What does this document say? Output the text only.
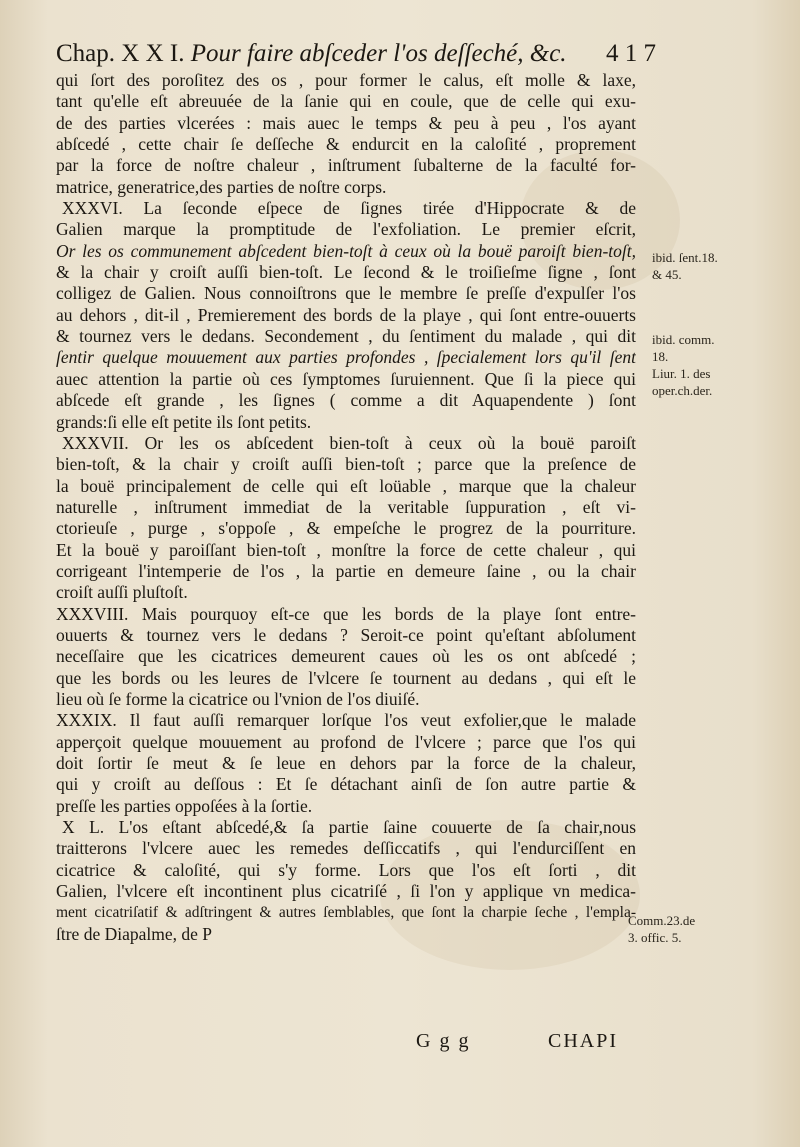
Chap. X X I. Pour faire abſceder l'os deſſeché, &c. 4 1 7
qui ſort des poroſitez des os , pour former le calus, eſt molle & laxe,
tant qu'elle eſt abreuuée de la ſanie qui en coule, que de celle qui exu-
de des parties vlcerées : mais auec le temps & peu à peu , l'os ayant
abſcedé , cette chair ſe deſſeche & endurcit en la caloſité , proprement
par la force de noſtre chaleur , inſtrument ſubalterne de la faculté for-
matrice, generatrice,des parties de noſtre corps.
XXXVI. La ſeconde eſpece de ſignes tirée d'Hippocrate & de
Galien marque la promptitude de l'exfoliation. Le premier eſcrit,
Or les os communement abſcedent bien-toſt à ceux où la bouë paroiſt bien-toſt,
& la chair y croiſt auſſi bien-toſt. Le ſecond & le troiſieſme ſigne , ſont
colligez de Galien. Nous connoiſtrons que le membre ſe preſſe d'expulſer l'os
au dehors , dit-il , Premierement des bords de la playe , qui ſont entre-ouuerts
& tournez vers le dedans. Secondement , du ſentiment du malade , qui dit
ſentir quelque mouuement aux parties profondes , ſpecialement lors qu'il ſent
auec attention la partie où ces ſymptomes ſuruiennent. Que ſi la piece qui
abſcede eſt grande , les ſignes ( comme a dit Aquapendente ) ſont
grands:ſi elle eſt petite ils ſont petits.
XXXVII. Or les os abſcedent bien-toſt à ceux où la bouë paroiſt
bien-toſt, & la chair y croiſt auſſi bien-toſt ; parce que la preſence de
la bouë principalement de celle qui eſt loüable , marque que la chaleur
naturelle , inſtrument immediat de la veritable ſuppuration , eſt vi-
ctorieuſe , purge , s'oppoſe , & empeſche le progrez de la pourriture.
Et la bouë y paroiſſant bien-toſt , monſtre la force de cette chaleur , qui
corrigeant l'intemperie de l'os , la partie en demeure ſaine , ou la chair
croiſt auſſi pluſtoſt.
XXXVIII. Mais pourquoy eſt-ce que les bords de la playe ſont entre-
ouuerts & tournez vers le dedans ? Seroit-ce point qu'eſtant abſolument
neceſſaire que les cicatrices demeurent caues où les os ont abſcedé ;
que les bords ou les leures de l'vlcere ſe tournent au dedans , qui eſt le
lieu où ſe forme la cicatrice ou l'vnion de l'os diuiſé.
XXXIX. Il faut auſſi remarquer lorſque l'os veut exfolier,que le malade
apperçoit quelque mouuement au profond de l'vlcere ; parce que l'os qui
doit ſortir ſe meut & ſe leue en dehors par la force de la chaleur,
qui y croiſt au deſſous : Et ſe détachant ainſi de ſon autre partie &
preſſe les parties oppoſées à la ſortie.
X L. L'os eſtant abſcedé,& ſa partie ſaine couuerte de ſa chair,nous
traitterons l'vlcere auec les remedes deſſiccatifs , qui l'endurciſſent en
cicatrice & caloſité, qui s'y forme. Lors que l'os eſt ſorti , dit
Galien, l'vlcere eſt incontinent plus cicatriſé , ſi l'on y applique vn medica-
ment cicatriſatif & adſtringent & autres ſemblables, que ſont la charpie ſeche , l'empla-
ſtre de Diapalme, de P
ibid. ſent.18.
& 45.
ibid. comm.
18.
Liur. 1. des
oper.ch.der.
Comm.23.de
3. offic. 5.
G g g	CHAPI
